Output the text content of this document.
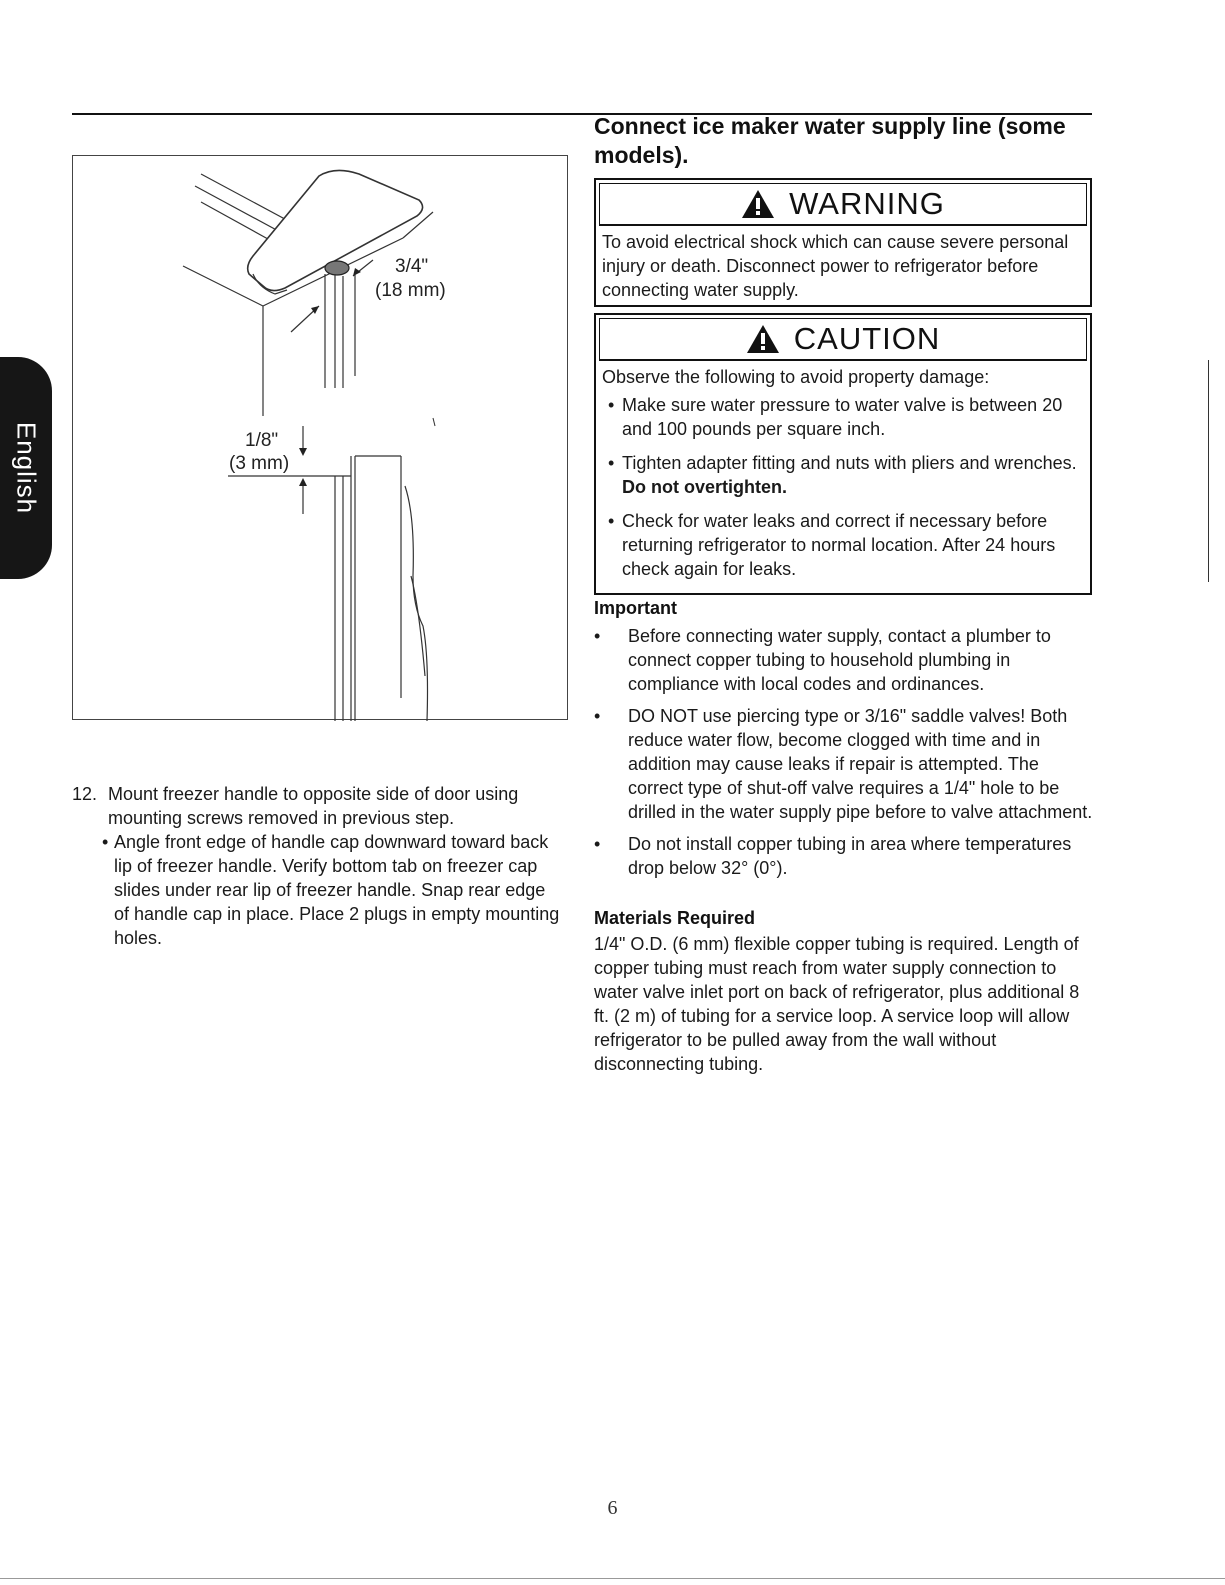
English
3/4"
(18 mm)
1/8"
(3 mm)
12. Mount freezer handle to opposite side of door using mounting screws removed in previous step.
• Angle front edge of handle cap downward toward back lip of freezer handle. Verify bottom tab on freezer cap slides under rear lip of freezer handle. Snap rear edge of handle cap in place. Place 2 plugs in empty mounting holes.
Connect ice maker water supply line (some models).
WARNING

To avoid electrical shock which can cause severe personal injury or death. Disconnect power to refrigerator before connecting water supply.

CAUTION

Observe the following to avoid property damage:

• Make sure water pressure to water valve is between 20 and 100 pounds per square inch.
• Tighten adapter fitting and nuts with pliers and wrenches. Do not overtighten.
• Check for water leaks and correct if necessary before returning refrigerator to normal location. After 24 hours check again for leaks.
Important
• Before connecting water supply, contact a plumber to connect copper tubing to household plumbing in compliance with local codes and ordinances.
• DO NOT use piercing type or 3/16" saddle valves! Both reduce water flow, become clogged with time and in addition may cause leaks if repair is attempted. The correct type of shut-off valve requires a 1/4" hole to be drilled in the water supply pipe before to valve attachment.
• Do not install copper tubing in area where temperatures drop below 32° (0°).
Materials Required
1/4" O.D. (6 mm) flexible copper tubing is required. Length of copper tubing must reach from water supply connection to water valve inlet port on back of refrigerator, plus additional 8 ft. (2 m) of tubing for a service loop. A service loop will allow refrigerator to be pulled away from the wall without disconnecting tubing.
6
